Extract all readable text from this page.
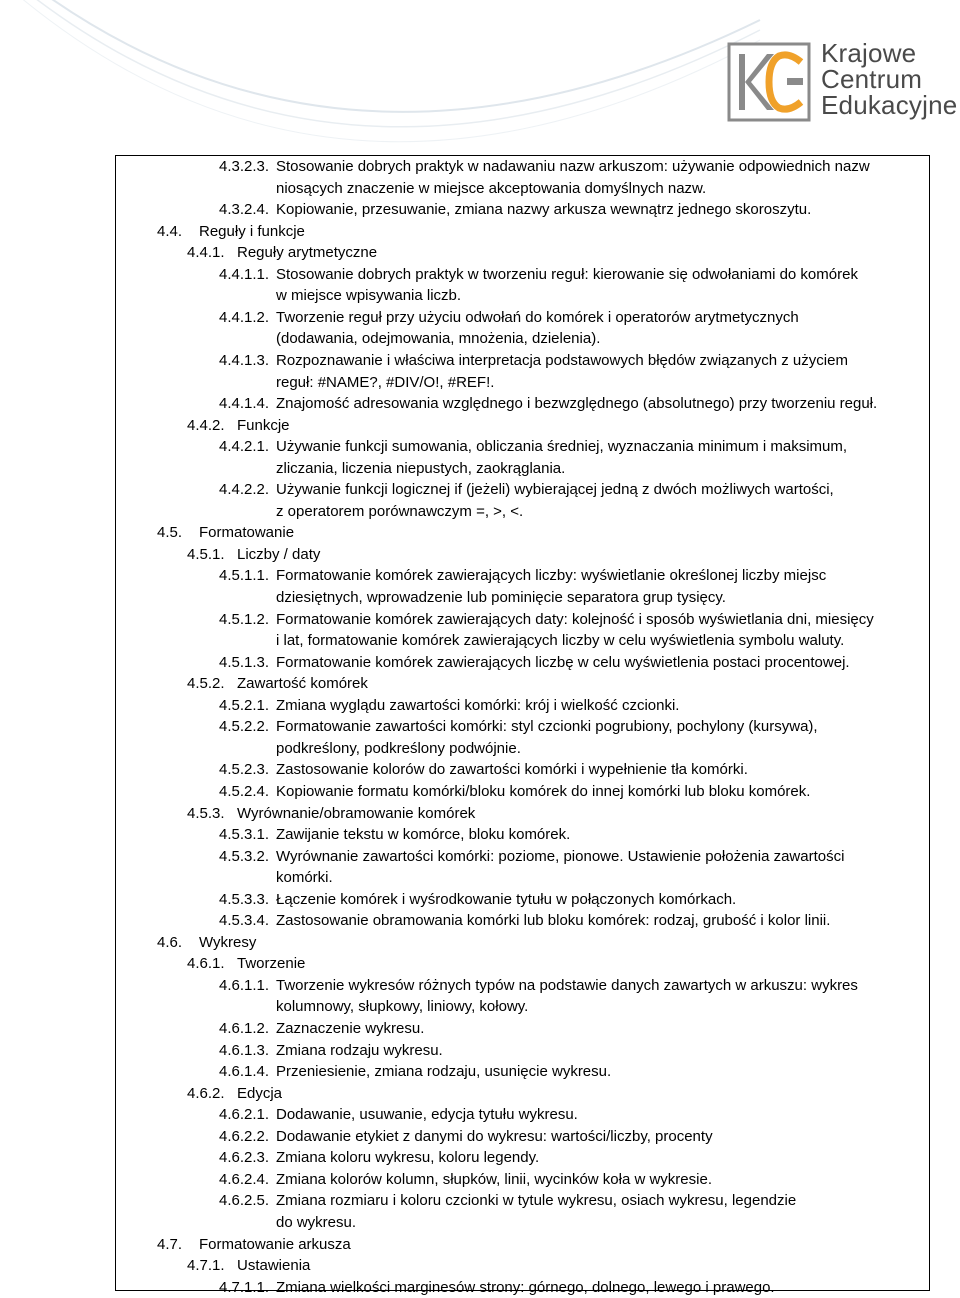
Krajowe
Centrum
Edukacyjne
4.3.2.3. Stosowanie dobrych praktyk w nadawaniu nazw arkuszom: używanie odpowiednich nazw
niosących znaczenie w miejsce akceptowania domyślnych nazw.
4.3.2.4. Kopiowanie, przesuwanie, zmiana nazwy arkusza wewnątrz jednego skoroszytu.
4.4. Reguły i funkcje
4.4.1. Reguły arytmetyczne
4.4.1.1. Stosowanie dobrych praktyk w tworzeniu reguł: kierowanie się odwołaniami do komórek
w miejsce wpisywania liczb.
4.4.1.2. Tworzenie reguł przy użyciu odwołań do komórek i operatorów arytmetycznych
(dodawania, odejmowania, mnożenia, dzielenia).
4.4.1.3. Rozpoznawanie i właściwa interpretacja podstawowych błędów związanych z użyciem
reguł: #NAME?, #DIV/O!, #REF!.
4.4.1.4. Znajomość adresowania względnego i bezwzględnego (absolutnego) przy tworzeniu reguł.
4.4.2. Funkcje
4.4.2.1. Używanie funkcji sumowania, obliczania średniej, wyznaczania minimum i maksimum,
zliczania, liczenia niepustych, zaokrąglania.
4.4.2.2. Używanie funkcji logicznej if (jeżeli) wybierającej jedną z dwóch możliwych wartości,
z operatorem porównawczym =, >, <.
4.5. Formatowanie
4.5.1. Liczby / daty
4.5.1.1. Formatowanie komórek zawierających liczby: wyświetlanie określonej liczby miejsc
dziesiętnych, wprowadzenie lub pominięcie separatora grup tysięcy.
4.5.1.2. Formatowanie komórek zawierających daty: kolejność i sposób wyświetlania dni, miesięcy
i lat, formatowanie komórek zawierających liczby w celu wyświetlenia symbolu waluty.
4.5.1.3. Formatowanie komórek zawierających liczbę w celu wyświetlenia postaci procentowej.
4.5.2. Zawartość komórek
4.5.2.1. Zmiana wyglądu zawartości komórki: krój i wielkość czcionki.
4.5.2.2. Formatowanie zawartości komórki: styl czcionki pogrubiony, pochylony (kursywa),
podkreślony, podkreślony podwójnie.
4.5.2.3. Zastosowanie kolorów do zawartości komórki i wypełnienie tła komórki.
4.5.2.4. Kopiowanie formatu komórki/bloku komórek do innej komórki lub bloku komórek.
4.5.3. Wyrównanie/obramowanie komórek
4.5.3.1. Zawijanie tekstu w komórce, bloku komórek.
4.5.3.2. Wyrównanie zawartości komórki: poziome, pionowe. Ustawienie położenia zawartości
komórki.
4.5.3.3. Łączenie komórek i wyśrodkowanie tytułu w połączonych komórkach.
4.5.3.4. Zastosowanie obramowania komórki lub bloku komórek: rodzaj, grubość i kolor linii.
4.6. Wykresy
4.6.1. Tworzenie
4.6.1.1. Tworzenie wykresów różnych typów na podstawie danych zawartych w arkuszu: wykres
kolumnowy, słupkowy, liniowy, kołowy.
4.6.1.2. Zaznaczenie wykresu.
4.6.1.3. Zmiana rodzaju wykresu.
4.6.1.4. Przeniesienie, zmiana rodzaju, usunięcie wykresu.
4.6.2. Edycja
4.6.2.1. Dodawanie, usuwanie, edycja tytułu wykresu.
4.6.2.2. Dodawanie etykiet z danymi do wykresu: wartości/liczby, procenty
4.6.2.3. Zmiana koloru wykresu, koloru legendy.
4.6.2.4. Zmiana kolorów kolumn, słupków, linii, wycinków koła w wykresie.
4.6.2.5. Zmiana rozmiaru i koloru czcionki w tytule wykresu, osiach wykresu, legendzie
do wykresu.
4.7. Formatowanie arkusza
4.7.1. Ustawienia
4.7.1.1. Zmiana wielkości marginesów strony: górnego, dolnego, lewego i prawego.
